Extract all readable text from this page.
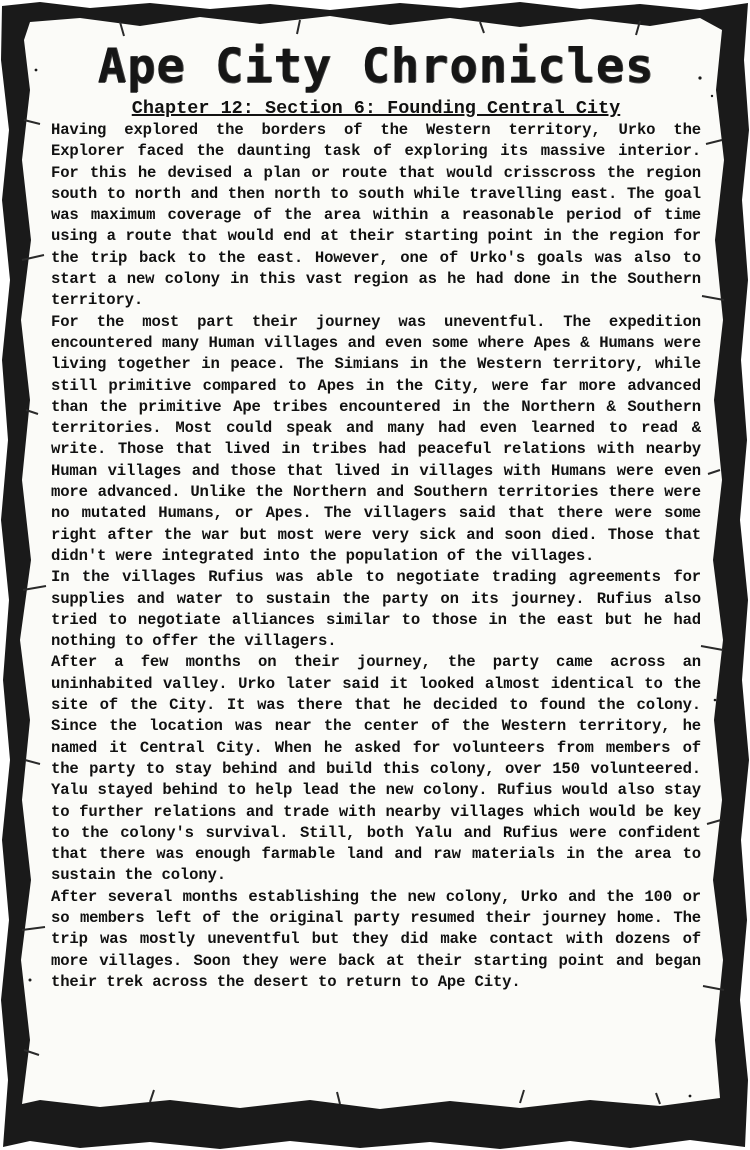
Ape City Chronicles
Chapter 12: Section 6: Founding Central City

Having explored the borders of the Western territory, Urko the Explorer faced the daunting task of exploring its massive interior. For this he devised a plan or route that would crisscross the region south to north and then north to south while travelling east. The goal was maximum coverage of the area within a reasonable period of time using a route that would end at their starting point in the region for the trip back to the east. However, one of Urko's goals was also to start a new colony in this vast region as he had done in the Southern territory.

For the most part their journey was uneventful. The expedition encountered many Human villages and even some where Apes & Humans were living together in peace. The Simians in the Western territory, while still primitive compared to Apes in the City, were far more advanced than the primitive Ape tribes encountered in the Northern & Southern territories. Most could speak and many had even learned to read & write. Those that lived in tribes had peaceful relations with nearby Human villages and those that lived in villages with Humans were even more advanced. Unlike the Northern and Southern territories there were no mutated Humans, or Apes. The villagers said that there were some right after the war but most were very sick and soon died. Those that didn't were integrated into the population of the villages.

In the villages Rufius was able to negotiate trading agreements for supplies and water to sustain the party on its journey. Rufius also tried to negotiate alliances similar to those in the east but he had nothing to offer the villagers.

After a few months on their journey, the party came across an uninhabited valley. Urko later said it looked almost identical to the site of the City. It was there that he decided to found the colony. Since the location was near the center of the Western territory, he named it Central City. When he asked for volunteers from members of the party to stay behind and build this colony, over 150 volunteered. Yalu stayed behind to help lead the new colony. Rufius would also stay to further relations and trade with nearby villages which would be key to the colony's survival. Still, both Yalu and Rufius were confident that there was enough farmable land and raw materials in the area to sustain the colony.

After several months establishing the new colony, Urko and the 100 or so members left of the original party resumed their journey home. The trip was mostly uneventful but they did make contact with dozens of more villages. Soon they were back at their starting point and began their trek across the desert to return to Ape City.
